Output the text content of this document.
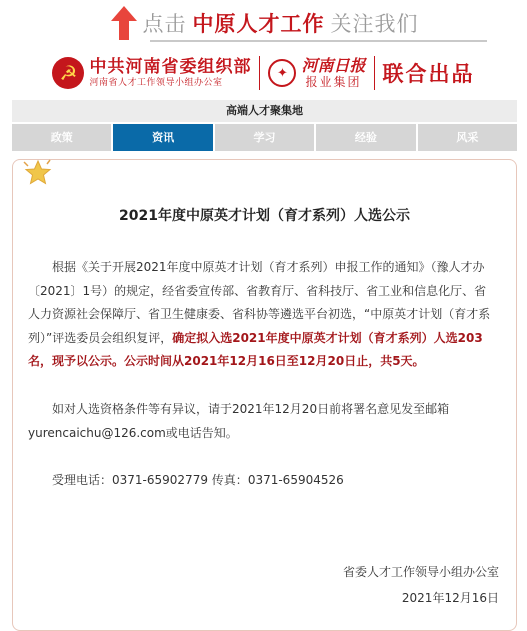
点击 中原人才工作 关注我们
☭ 中共河南省委组织部
河南省人才工作领导小组办公室
✦ 河南日报
报业集团 联合出品
高端人才聚集地
政策	资讯	学习	经验	风采
2021年度中原英才计划（育才系列）人选公示

根据《关于开展2021年度中原英才计划（育才系列）申报工作的通知》（豫人才办〔2021〕1号）的规定，经省委宣传部、省教育厅、省科技厅、省工业和信息化厅、省人力资源社会保障厅、省卫生健康委、省科协等遴选平台初选，“中原英才计划（育才系列）”评选委员会组织复评，确定拟入选2021年度中原英才计划（育才系列）人选203名，现予以公示。公示时间从2021年12月16日至12月20日止，共5天。

如对人选资格条件等有异议，请于2021年12月20日前将署名意见发至邮箱yurencaichu@126.com或电话告知。

受理电话：0371-65902779 传真：0371-65904526

省委人才工作领导小组办公室
2021年12月16日
